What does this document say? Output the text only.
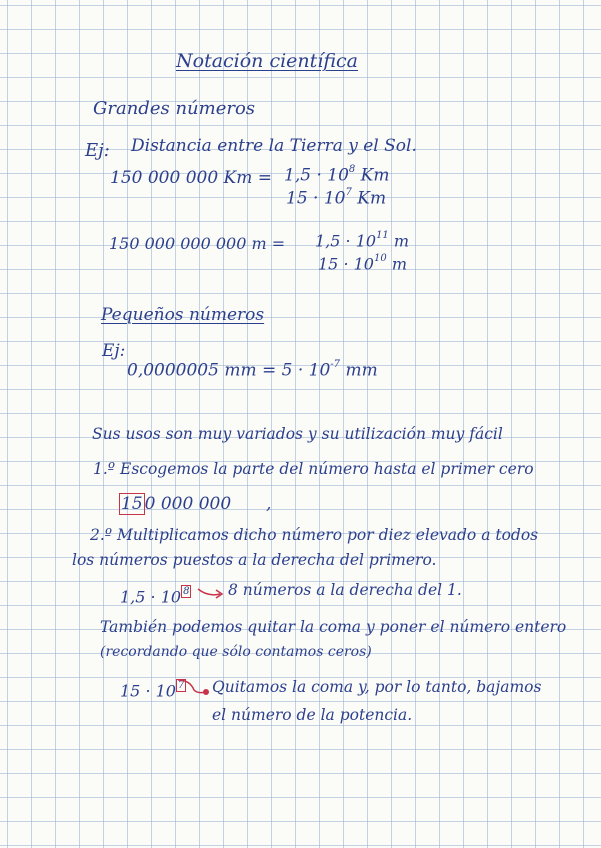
Notación científica
Grandes números
Ej: Distancia entre la Tierra y el Sol.
150 000 000 $Km = 1,5 \cdot 10^8$ Km
$15 \cdot 10^7$ Km
150 000 000 000 $m = 1,5 \cdot 10^{11}$ m
$15 \cdot 10^{10}$ m
Pequeños números
Ej:
0,0000005 mm = $5 \cdot 10^{-7}$ mm
Sus usos son muy variados y su utilización muy fácil
1.º Escogemos la parte del número hasta el primer cero
15 0 000 000 ,
2.º Multiplicamos dicho número por diez elevado a todos
los números puestos a la derecha del primero.
1,5 · 10 $^8$ 8 números a la derecha del 1.
También podemos quitar la coma y poner el número entero
(recordando que sólo contamos ceros)
15 · 10 $^7$ Quitamos la coma y, por lo tanto, bajamos
el número de la potencia.
